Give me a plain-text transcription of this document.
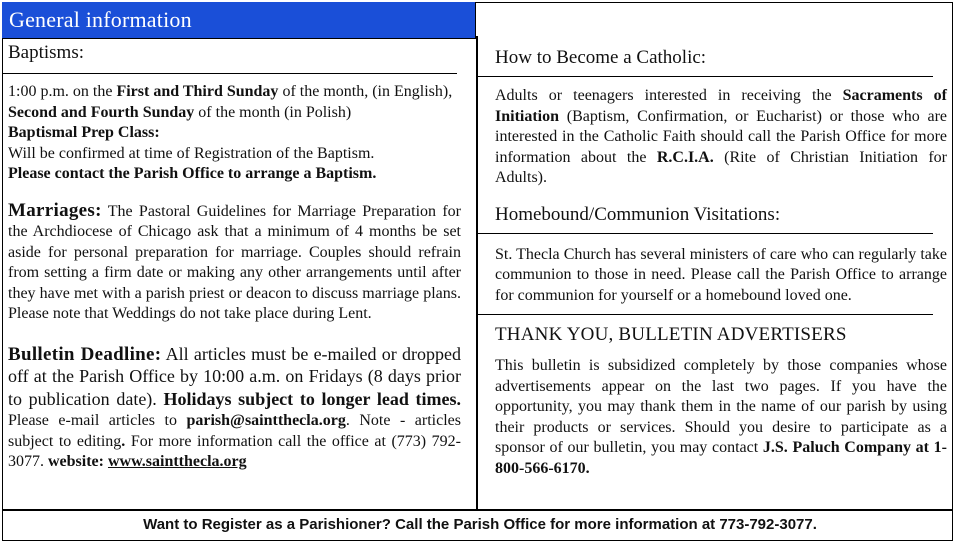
General information
Baptisms:

1:00 p.m. on the First and Third Sunday of the month, (in English), Second and Fourth Sunday of the month (in Polish)

Baptismal Prep Class:

Will be confirmed at time of Registration of the Baptism.

Please contact the Parish Office to arrange a Baptism.

Marriages: The Pastoral Guidelines for Marriage Preparation for the Archdiocese of Chicago ask that a minimum of 4 months be set aside for personal preparation for marriage. Couples should refrain from setting a firm date or making any other arrangements until after they have met with a parish priest or deacon to discuss marriage plans. Please note that Weddings do not take place during Lent.

Bulletin Deadline: All articles must be e-mailed or dropped off at the Parish Office by 10:00 a.m. on Fridays (8 days prior to publication date). Holidays subject to longer lead times. Please e-mail articles to parish@saintthecla.org. Note - articles subject to editing. For more information call the office at (773) 792-3077. website: www.saintthecla.org

How to Become a Catholic:

Adults or teenagers interested in receiving the Sacraments of Initiation (Baptism, Confirmation, or Eucharist) or those who are interested in the Catholic Faith should call the Parish Office for more information about the R.C.I.A. (Rite of Christian Initiation for Adults).

Homebound/Communion Visitations:

St. Thecla Church has several ministers of care who can regularly take communion to those in need. Please call the Parish Office to arrange for communion for yourself or a homebound loved one.

THANK YOU, BULLETIN ADVERTISERS

This bulletin is subsidized completely by those companies whose advertisements appear on the last two pages. If you have the opportunity, you may thank them in the name of our parish by using their products or services. Should you desire to participate as a sponsor of our bulletin, you may contact J.S. Paluch Company at 1-800-566-6170.

Want to Register as a Parishioner? Call the Parish Office for more information at 773-792-3077.
